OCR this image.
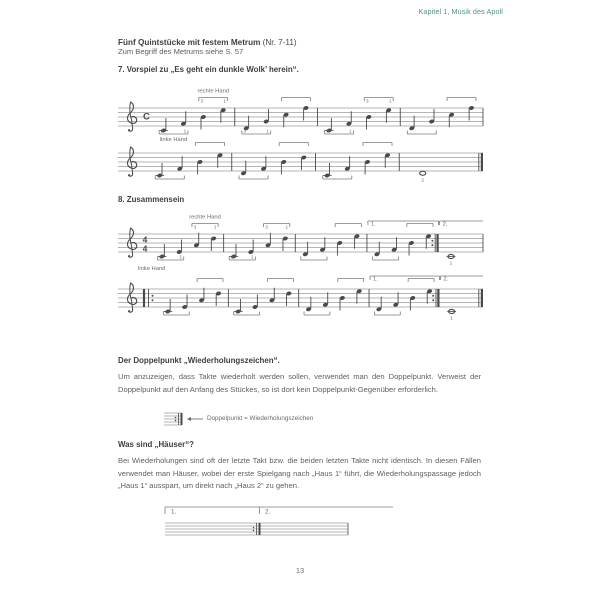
Kapitel 1, Musik des Apoll
Fünf Quintstücke mit festem Metrum (Nr. 7-11)
Zum Begriff des Metrums siehe S. 57
7. Vorspiel zu „Es geht ein dunkle Wolk’ herein“.
C
3	1
3	1	3	1
3	1
3	1
rechte Hand
linke Hand
2
8. Zusammensein
4
4
3	1
3	1
3	1
3	1
1.
1
2.
rechte Hand
1.
1
2.
linke Hand
Der Doppelpunkt „Wiederholungszeichen“.
Um anzuzeigen, dass Takte wiederholt werden sollen, verwendet man den Doppelpunkt. Verweist der Doppelpunkt auf den Anfang des Stückes, so ist dort kein Doppelpunkt-Gegenüber erforderlich.
Doppelpunkt = Wiederholungszeichen
Was sind „Häuser“?
Bei Wiederholungen sind oft der letzte Takt bzw. die beiden letzten Takte nicht identisch. In diesen Fällen verwendet man Häuser, wobei der erste Spielgang nach „Haus 1“ führt, die Wiederholungspassage jedoch „Haus 1“ ausspart, um direkt nach „Haus 2“ zu gehen.
1.	2.
13
